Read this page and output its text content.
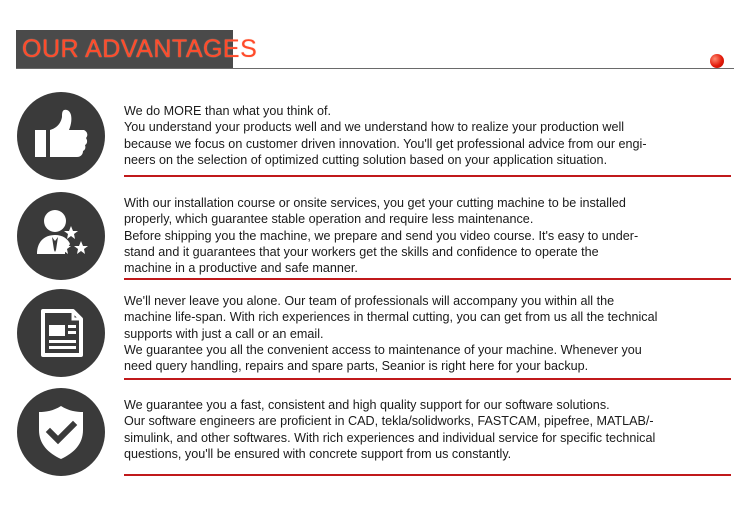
OUR ADVANTAGES
We do MORE than what you think of.
You understand your products well and we understand how to realize your production well
because we focus on customer driven innovation. You'll get professional advice from our engi-
neers on the selection of optimized cutting solution based on your application situation.
With our installation course or onsite services, you get your cutting machine to be installed
properly, which guarantee stable operation and require less maintenance.
Before shipping you the machine, we prepare and send you video course. It's easy to under-
stand and it guarantees that your workers get the skills and confidence to operate the
machine in a productive and safe manner.
We'll never leave you alone. Our team of professionals will accompany you within all the
machine life-span. With rich experiences in thermal cutting, you can get from us all the technical
supports with just a call or an email.
We guarantee you all the convenient access to maintenance of your machine. Whenever you
need query handling, repairs and spare parts, Seanior is right here for your backup.
We guarantee you a fast, consistent and high quality support for our software solutions.
Our software engineers are proficient in CAD, tekla/solidworks, FASTCAM, pipefree, MATLAB/-
simulink, and other softwares. With rich experiences and individual service for specific technical
questions, you'll be ensured with concrete support from us constantly.
